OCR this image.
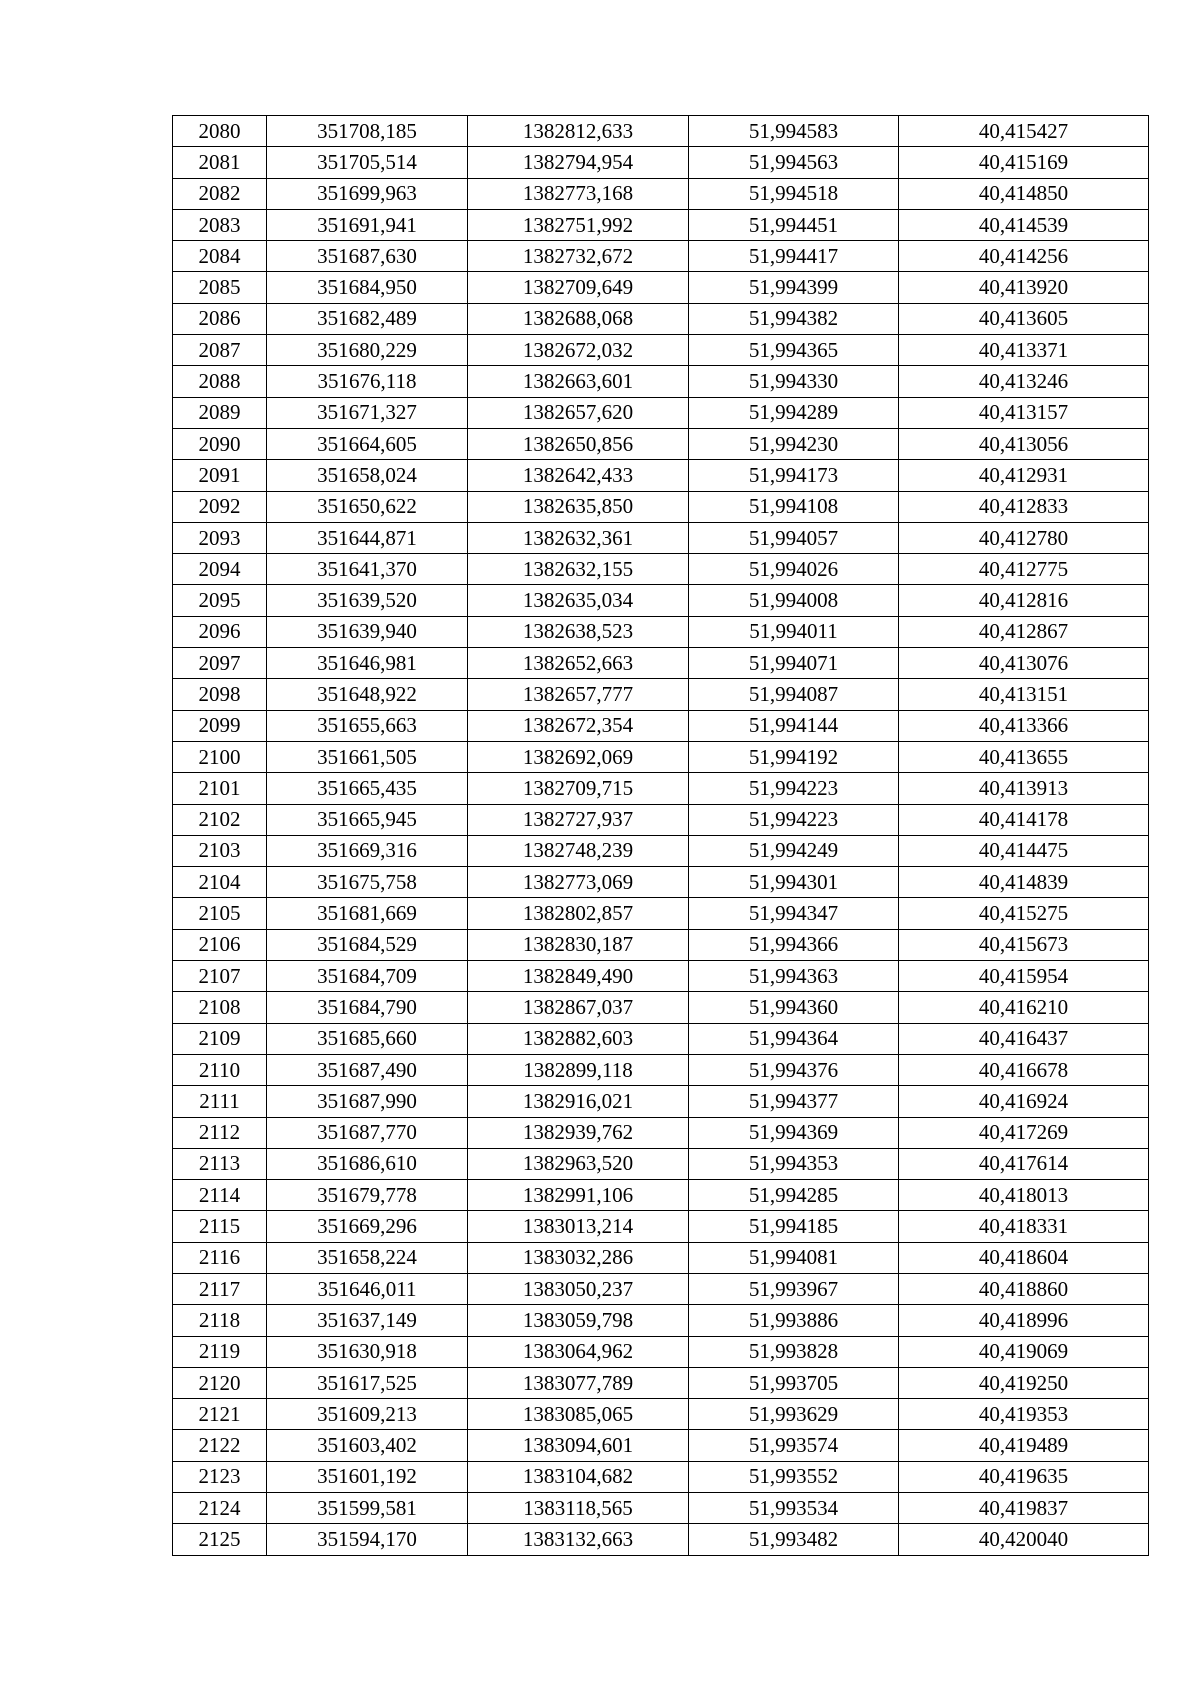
2080	351708,185	1382812,633	51,994583	40,415427
2081	351705,514	1382794,954	51,994563	40,415169
2082	351699,963	1382773,168	51,994518	40,414850
2083	351691,941	1382751,992	51,994451	40,414539
2084	351687,630	1382732,672	51,994417	40,414256
2085	351684,950	1382709,649	51,994399	40,413920
2086	351682,489	1382688,068	51,994382	40,413605
2087	351680,229	1382672,032	51,994365	40,413371
2088	351676,118	1382663,601	51,994330	40,413246
2089	351671,327	1382657,620	51,994289	40,413157
2090	351664,605	1382650,856	51,994230	40,413056
2091	351658,024	1382642,433	51,994173	40,412931
2092	351650,622	1382635,850	51,994108	40,412833
2093	351644,871	1382632,361	51,994057	40,412780
2094	351641,370	1382632,155	51,994026	40,412775
2095	351639,520	1382635,034	51,994008	40,412816
2096	351639,940	1382638,523	51,994011	40,412867
2097	351646,981	1382652,663	51,994071	40,413076
2098	351648,922	1382657,777	51,994087	40,413151
2099	351655,663	1382672,354	51,994144	40,413366
2100	351661,505	1382692,069	51,994192	40,413655
2101	351665,435	1382709,715	51,994223	40,413913
2102	351665,945	1382727,937	51,994223	40,414178
2103	351669,316	1382748,239	51,994249	40,414475
2104	351675,758	1382773,069	51,994301	40,414839
2105	351681,669	1382802,857	51,994347	40,415275
2106	351684,529	1382830,187	51,994366	40,415673
2107	351684,709	1382849,490	51,994363	40,415954
2108	351684,790	1382867,037	51,994360	40,416210
2109	351685,660	1382882,603	51,994364	40,416437
2110	351687,490	1382899,118	51,994376	40,416678
2111	351687,990	1382916,021	51,994377	40,416924
2112	351687,770	1382939,762	51,994369	40,417269
2113	351686,610	1382963,520	51,994353	40,417614
2114	351679,778	1382991,106	51,994285	40,418013
2115	351669,296	1383013,214	51,994185	40,418331
2116	351658,224	1383032,286	51,994081	40,418604
2117	351646,011	1383050,237	51,993967	40,418860
2118	351637,149	1383059,798	51,993886	40,418996
2119	351630,918	1383064,962	51,993828	40,419069
2120	351617,525	1383077,789	51,993705	40,419250
2121	351609,213	1383085,065	51,993629	40,419353
2122	351603,402	1383094,601	51,993574	40,419489
2123	351601,192	1383104,682	51,993552	40,419635
2124	351599,581	1383118,565	51,993534	40,419837
2125	351594,170	1383132,663	51,993482	40,420040
